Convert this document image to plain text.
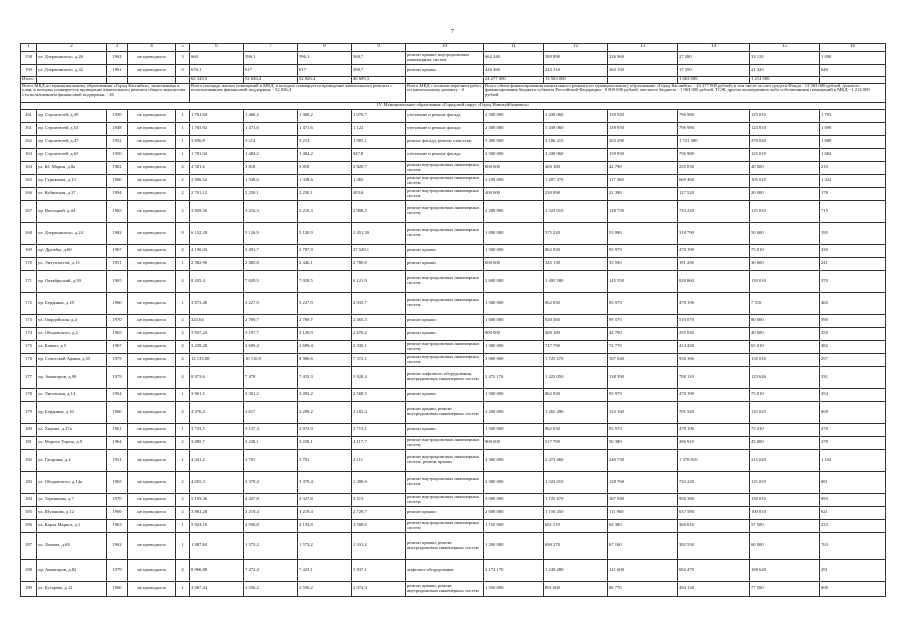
7
1	2	3	4	5	6	7	8	9	10	11	12	13	14	15	16
158	ул. Дзержинского, д.26	1962	не проводился	3	660	596,1	596,1	568,7	ремонт крыши, внутридомовых инженерных систем	662 240	389 890	226 960	27 280	33 110	1 000
159	ул. Дзержинского, д.32	1961	не проводился	3	676,1	617	617	498,7	ремонт крыши	426 360	243 310	162 150	17 350	21 320	640
Итого					62 343,5	52 826,4	52 826,4	46 689,3		24 277 000	13 563 000		1 063 000	1 214 000	
Всего МКД по муниципальному образованию «Город Каспийск», включенных в план, в которых планируется проведение капитального ремонта общего имущества с использованием финансовой поддержки, - 26					Всего площадь жилых помещений в МКД, в которых планируется проведение капитального ремонта с использованием финансовой поддержки, - 52 826,4				Всего МКД с полным перечнем работ по капитальному ремонту - 0	Всего объем финансирования капитального ремонта по муниципальному образованию «Город Каспийск» - 24 277 000 рублей, в том числе за счет средств Фонда - 13 563 000 рублей, долевого финансирования бюджета субъекта Российской Федерации - 8 000 000 рублей, местного бюджета - 1 063 000 рублей, ТСЖ, других кооперативов либо собственников помещений в МКД - 1 214 000 рублей					
IV. Муниципальное образование «Городской округ «Город Новокуйбышевск»															
161	пр. Строителей, д.49	1950	не проводился	1	1 761,84	1 468,2	1 468,2	1 070,7	утепление и ремонт фасада	2 500 000	1 438 060	139 920	796 980	125 010	1 703
161	пр. Строителей, д.53	1948	не проводился	1	1 765,92	1 471,6	1 471,6	1 122	утепление и ремонт фасада	2 500 000	1 438 060	139 950	796 980	125 010	1 699
162	пр. Строителей, д.47	1952	не проводился	1	3 856,8	3 214	3 214	1 985,1	ремонт фасада, ремонт отмостки	5 400 000	3 106 210	302 290	1 721 480	270 020	1 680
163	пр. Строителей, д.65	1950	не проводился	1	1 781,04	1 484,2	1 484,2	947,8	утепление и ремонт фасада	2 500 000	1 438 060	139 950	796 980	125 010	1 684
164	ул. Ю. Марии, д.8а	1982	не проводился	4	4 581,6	3 818	3 818	2 820,7	ремонт внутридомовых инженерных систем	800 000	460 180	44 790	255 030	40 000	210
165	пр. Гурьянова, д.15	1960	не проводился	2	2 906,52	1 338,6	1 338,6	1 465	ремонт внутридомовых инженерных систем	2 109 000	1 207 370	117 360	669 460	105 010	1 322
166	ул. Кубинская, д.37	1994	не проводился	2	2 701,12	2 250,1	2 250,1	483,6	ремонт внутридомовых инженерных систем	400 000	230 090	22 390	127 520	20 000	178
167	пр. Высоцкой, д.44	1965	не проводился	2	3 859,56	3 216,3	3 216,3	2 908,3	ремонт внутридомовых инженерных систем	2 299 896	1 323 010	128 750	733 220	115 010	715
168	ул. Дзержинского, д.24	1982	не проводился	9	6 152,28	5 126,9	5 120,9	2 451,39	ремонт внутридомовых инженерных систем	1 000 000	575 220	55 990	318 790	50 000	195
169	пр. Дружбы, д.60	1967	не проводился	4	4 190,04	3 491,7	2 787,9	27 549,1	ремонт крыши	1 500 000	862 830	83 970	478 190	75 010	430
170	ул. Энтузиастов, д.13	1951	не проводился	1	2 982,96	2 485,8	2 446,1	2 700,8	ремонт крыши	600 000	345 130	33 590	191 280	30 000	241
171	пр. Октябрьский, д.39	1965	не проводился	4	8 435,4	7 029,5	7 029,5	6 121,9	ремонт внутридомовых инженерных систем	2 600 000	1 495 580	145 550	828 860	130 010	370
172	пр. Бердника, д.18	1960	не проводился	1	3 873,48	3 227,9	3 227,9	2 935,7	ремонт внутридомовых инженерных систем	1 500 000	862 830	83 970	478 190	7 510	465
173	ул. Гвардейская, д.4	1970	не проводился	2	325,64	2 769,7	2 769,7	2 465,3	ремонт крыши	1 600 000	920 360	89 570	510 070	80 000	590
174	ул. Ободовского, д.2	1965	не проводился	4	3 837,24	3 197,7	3 120,9	2 676,2	ремонт крыши	800 000	460 180	44 790	255 030	40 000	250
175	ул. Кавказ, д.5	1967	не проводился	4	3 239,28	2 699,4	2 699,4	2 330,1	ремонт внутридомовых инженерных систем	1 300 000	747 790	72 770	414 430	65 010	482
176	пр. Советской Армии, д.55	1975	не проводился	4	12 133,08	10 110,9	8 986,6	7 372,1	ремонт внутридомовых инженерных систем	3 000 000	1 725 670	167 940	956 380	150 010	297
177	пр. Авиаторов, д.90	1979	не проводился	4	8 973,6	7 478	7 435,3	5 928,4	ремонт лифтового оборудования, внутридомовых инженерных систем	2 472 176	1 422 050	138 390	788 110	123 626	331
178	ул. Лиговская, д.14	1954	не проводился	1	3 961,5	3 301,2	3 283,2	2 568,5	ремонт крыши	1 500 000	862 830	83 970	478 190	75 010	454
179	пр. Бердника, д.10	1960	не проводился	4	4 376,4	3 617	3 209,2	3 182,4	ремонт крыши, ремонт внутридомовых инженерных систем	2 200 000	1 265 490	123 160	701 340	110 010	608
180	ул. Хирова, д.37а	1961	не проводился	1	3 733,5	3 137,4	2 973,9	2 715,1	ремонт крыши	1 500 000	862 830	83 970	478 190	75 010	478
181	ул. Мориса Тореза, д.9	1964	не проводился	2	3 885,7	3 238,1	3 238,1	2 117,7	ремонт внутридомовых инженерных систем	900 000	517 700	50 380	286 910	45 000	278
182	ул. Гагарина, д.2	1951	не проводился	1	4 441,2	3 701	3 701	3 111	ремонт внутридомовых инженерных систем, ремонт крыши	4 300 000	2 473 460	240 730	1 370 810	215 020	1 162
183	ул. Ободовского, д.14а	1965	не проводился	2	4 055,3	3 379,4	3 379,4	2 380,6	ремонт внутридомовых инженерных систем	2 300 000	1 323 010	128 760	733 220	115 010	681
184	ул. Терешкова, д.7	1970	не проводился	2	5 193,36	4 327,8	4 327,8	3 513	ремонт внутридомовых инженерных систем	3 000 000	1 725 670	167 940	956 380	150 010	693
185	ул. Шушкова, д.12	1969	не проводился	2	3 863,28	3 219,4	3 219,4	2 729,7	ремонт крыши	2 000 000	1 150 450	111 960	637 580	100 010	621
186	ул. Карла Маркса, д.1	1963	не проводился	1	5 924,16	4 936,8	4 133,8	3 508,6	ремонт внутридомовых инженерных систем	1 150 000	661 510	64 380	366 610	57 500	233
187	ул. Ломова, д.69	1962	не проводился	1	1 887,84	1 573,2	1 573,2	1 331,2	ремонт крыши, ремонт внутридомовых инженерных систем	1 200 000	690 270	67 180	382 550	60 000	763
188	пр. Авиаторов, д.82	1979	не проводился	4	8 966,88	7 472,4	7 423,1	5 937,1	лифтовое оборудование	2 172 170	1 249 480	121 600	692 470	108 620	291
189	ул. Бутарева, д.12	1960	не проводился	1	3 067,44	2 556,2	2 556,2	2 074,3	ремонт крыши, ремонт внутридомовых инженерных систем	1 550 000	891 600	86 770	494 130	77 500	606
